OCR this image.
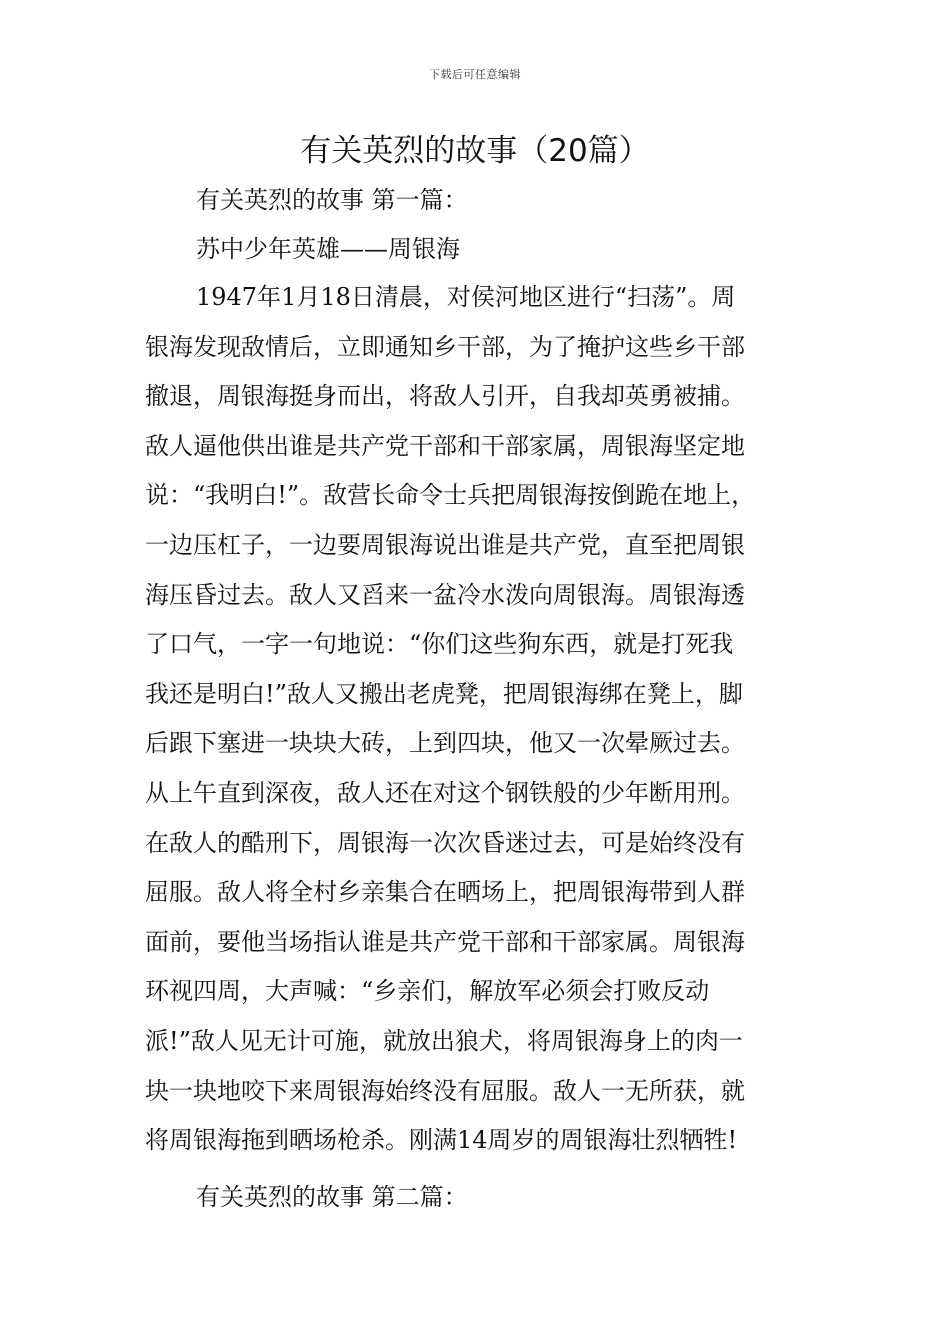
下载后可任意编辑
有关英烈的故事（20篇）
有关英烈的故事 第一篇：
苏中少年英雄——周银海
1947年1月18日清晨，对侯河地区进行“扫荡”。周
银海发现敌情后，立即通知乡干部，为了掩护这些乡干部
撤退，周银海挺身而出，将敌人引开，自我却英勇被捕。
敌人逼他供出谁是共产党干部和干部家属，周银海坚定地
说：“我明白!”。敌营长命令士兵把周银海按倒跪在地上，
一边压杠子，一边要周银海说出谁是共产党，直至把周银
海压昏过去。敌人又舀来一盆冷水泼向周银海。周银海透
了口气，一字一句地说：“你们这些狗东西，就是打死我
我还是明白!”敌人又搬出老虎凳，把周银海绑在凳上，脚
后跟下塞进一块块大砖，上到四块，他又一次晕厥过去。
从上午直到深夜，敌人还在对这个钢铁般的少年断用刑。
在敌人的酷刑下，周银海一次次昏迷过去，可是始终没有
屈服。敌人将全村乡亲集合在晒场上，把周银海带到人群
面前，要他当场指认谁是共产党干部和干部家属。周银海
环视四周，大声喊：“乡亲们，解放军必须会打败反动
派!”敌人见无计可施，就放出狼犬，将周银海身上的肉一
块一块地咬下来周银海始终没有屈服。敌人一无所获，就
将周银海拖到晒场枪杀。刚满14周岁的周银海壮烈牺牲!
有关英烈的故事 第二篇：
